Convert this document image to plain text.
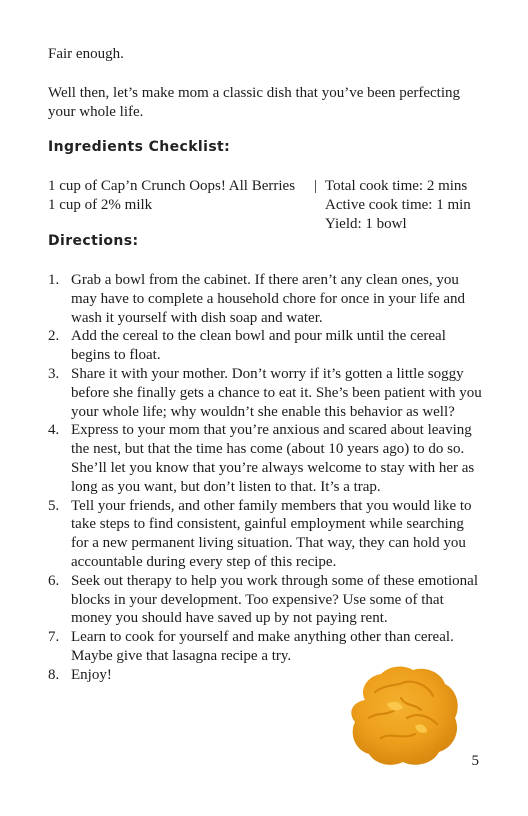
Fair enough.

Well then, let’s make mom a classic dish that you’ve been perfecting your whole life.

Ingredients Checklist:
1 cup of Cap’n Crunch Oops! All Berries
1 cup of 2% milk
| Total cook time: 2 mins
Active cook time: 1 min
Yield: 1 bowl
Directions:
1. Grab a bowl from the cabinet. If there aren’t any clean ones, you may have to complete a household chore for once in your life and wash it yourself with dish soap and water.
2. Add the cereal to the clean bowl and pour milk until the cereal begins to float.
3. Share it with your mother. Don’t worry if it’s gotten a little soggy before she finally gets a chance to eat it. She’s been patient with you your whole life; why wouldn’t she enable this behavior as well?
4. Express to your mom that you’re anxious and scared about leaving the nest, but that the time has come (about 10 years ago) to do so. She’ll let you know that you’re always welcome to stay with her as long as you want, but don’t listen to that. It’s a trap.
5. Tell your friends, and other family members that you would like to take steps to find consistent, gainful employment while searching for a new permanent living situation. That way, they can hold you accountable during every step of this recipe.
6. Seek out therapy to help you work through some of these emotional blocks in your development. Too expensive? Use some of that money you should have saved up by not paying rent.
7. Learn to cook for yourself and make anything other than cereal. Maybe give that lasagna recipe a try.
8. Enjoy!
5
